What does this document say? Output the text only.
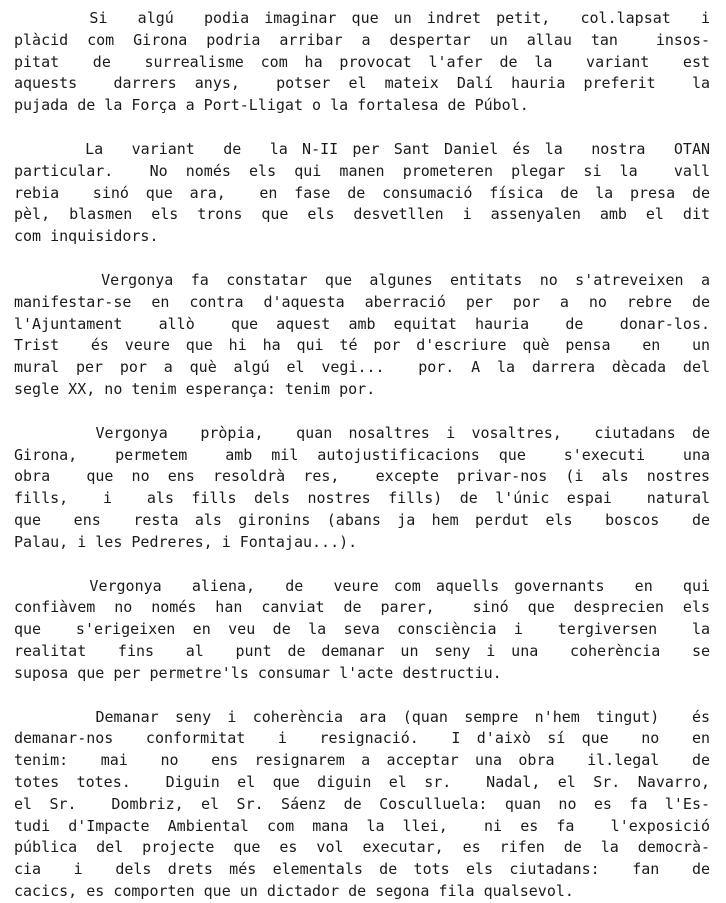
Si  algú  podia imaginar que un indret petit,  col.lapsat  i
plàcid com Girona podria arribar a despertar un allau tan  insos-
pitat  de  surrealisme com ha provocat l'afer de la  variant  est
aquests  darrers anys,  potser el mateix Dalí hauria preferit  la
pujada de la Força a Port-Lligat o la fortalesa de Púbol.
La  variant  de  la N-II per Sant Daniel és la  nostra  OTAN
particular.  No només els qui manen prometeren plegar si la  vall
rebia  sinó que ara,  en fase de consumació física de la presa de
pèl, blasmen els trons que els desvetllen i assenyalen amb el dit
com inquisidors.
Vergonya fa constatar que algunes entitats no s'atreveixen a
manifestar-se en contra d'aquesta aberració per por a no rebre de
l'Ajuntament  allò  que aquest amb equitat hauria  de  donar-los.
Trist  és veure que hi ha qui té por d'escriure què pensa  en  un
mural per por a què algú el vegi...  por. A la darrera dècada del
segle XX, no tenim esperança: tenim por.
Vergonya  pròpia,  quan nosaltres i vosaltres,  ciutadans de
Girona,  permetem  amb mil autojustificacions que  s'executi  una
obra  que no ens resoldrà res,  excepte privar-nos (i als nostres
fills,  i  als fills dels nostres fills) de l'únic espai  natural
que  ens  resta als gironins (abans ja hem perdut els  boscos  de
Palau, i les Pedreres, i Fontajau...).
Vergonya  aliena,  de  veure com aquells governants  en  qui
confiàvem no només han canviat de parer,  sinó que desprecien els
que  s'erigeixen en veu de la seva consciència i  tergiversen  la
realitat  fins  al  punt de demanar un seny i una  coherència  se
suposa que per permetre'ls consumar l'acte destructiu.
Demanar seny i coherència ara (quan sempre n'hem tingut)  és
demanar-nos  conformitat  i  resignació.  I d'això sí que  no  en
tenim:  mai  no  ens resignarem a acceptar una obra  il.legal  de
totes totes.  Diguin el que diguin el sr.  Nadal, el Sr. Navarro,
el Sr.  Dombriz, el Sr. Sáenz de Cosculluela: quan no es fa l'Es-
tudi d'Impacte Ambiental com mana la llei,  ni es fa  l'exposició
pública del projecte que es vol executar, es rifen de la democrà-
cia  i  dels drets més elementals de tots els ciutadans:  fan  de
cacics, es comporten que un dictador de segona fila qualsevol.
